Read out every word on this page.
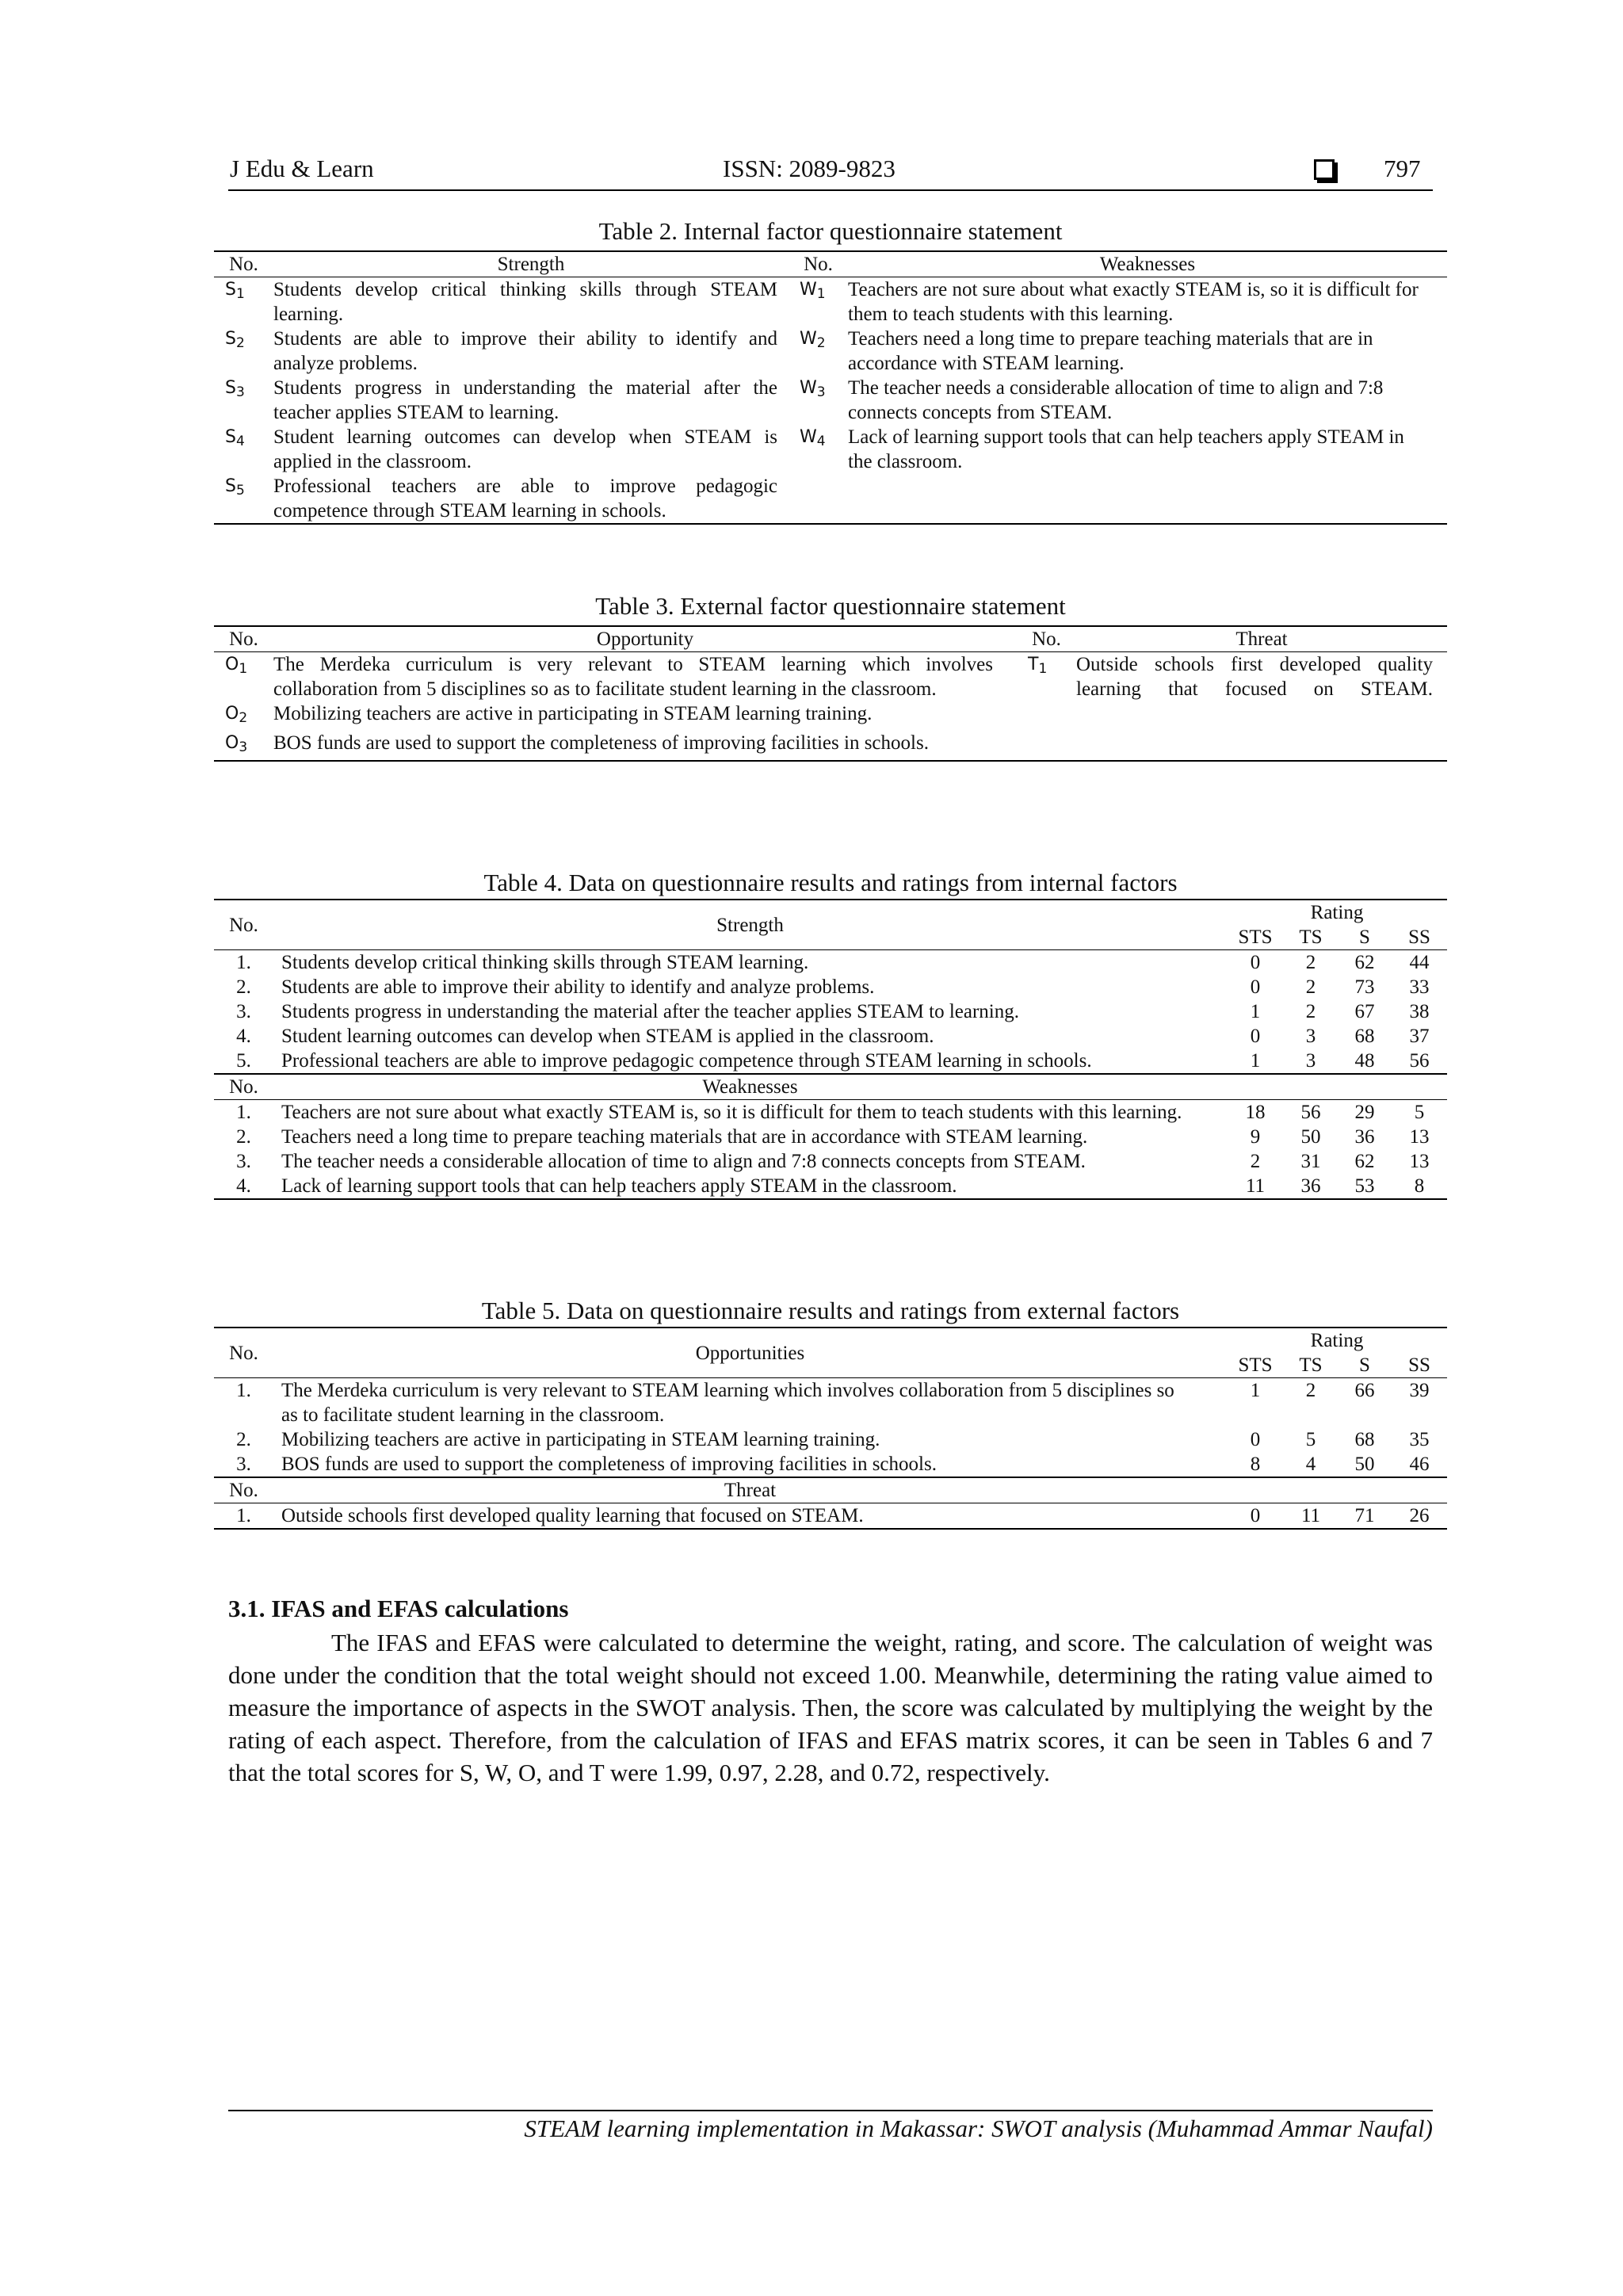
J Edu & Learn	ISSN: 2089-9823	797
Table 2. Internal factor questionnaire statement
No.	Strength	No.	Weaknesses
$S_1$	Students develop critical thinking skills through STEAM learning.	$W_1$	Teachers are not sure about what exactly STEAM is, so it is difficult for them to teach students with this learning.
$S_2$	Students are able to improve their ability to identify and analyze problems.	$W_2$	Teachers need a long time to prepare teaching materials that are in accordance with STEAM learning.
$S_3$	Students progress in understanding the material after the teacher applies STEAM to learning.	$W_3$	The teacher needs a considerable allocation of time to align and 7:8 connects concepts from STEAM.
$S_4$	Student learning outcomes can develop when STEAM is applied in the classroom.	$W_4$	Lack of learning support tools that can help teachers apply STEAM in the classroom.
$S_5$	Professional teachers are able to improve pedagogic competence through STEAM learning in schools.		
Table 3. External factor questionnaire statement
No.	Opportunity	No.	Threat
$O_1$	The Merdeka curriculum is very relevant to STEAM learning which involves collaboration from 5 disciplines so as to facilitate student learning in the classroom.	$T_1$	Outside schools first developed quality learning that focused on STEAM.
$O_2$	Mobilizing teachers are active in participating in STEAM learning training.		
$O_3$	BOS funds are used to support the completeness of improving facilities in schools.		
Table 4. Data on questionnaire results and ratings from internal factors
No.	Strength	Rating			
		STS	TS	S	SS
1.	Students develop critical thinking skills through STEAM learning.	0	2	62	44
2.	Students are able to improve their ability to identify and analyze problems.	0	2	73	33
3.	Students progress in understanding the material after the teacher applies STEAM to learning.	1	2	67	38
4.	Student learning outcomes can develop when STEAM is applied in the classroom.	0	3	68	37
5.	Professional teachers are able to improve pedagogic competence through STEAM learning in schools.	1	3	48	56
No.	Weaknesses				
1.	Teachers are not sure about what exactly STEAM is, so it is difficult for them to teach students with this learning.	18	56	29	5
2.	Teachers need a long time to prepare teaching materials that are in accordance with STEAM learning.	9	50	36	13
3.	The teacher needs a considerable allocation of time to align and 7:8 connects concepts from STEAM.	2	31	62	13
4.	Lack of learning support tools that can help teachers apply STEAM in the classroom.	11	36	53	8
Table 5. Data on questionnaire results and ratings from external factors
No.	Opportunities	Rating			
		STS	TS	S	SS
1.	The Merdeka curriculum is very relevant to STEAM learning which involves collaboration from 5 disciplines so as to facilitate student learning in the classroom.	1	2	66	39
2.	Mobilizing teachers are active in participating in STEAM learning training.	0	5	68	35
3.	BOS funds are used to support the completeness of improving facilities in schools.	8	4	50	46
No.	Threat				
1.	Outside schools first developed quality learning that focused on STEAM.	0	11	71	26
3.1. IFAS and EFAS calculations
The IFAS and EFAS were calculated to determine the weight, rating, and score. The calculation of weight was done under the condition that the total weight should not exceed 1.00. Meanwhile, determining the rating value aimed to measure the importance of aspects in the SWOT analysis. Then, the score was calculated by multiplying the weight by the rating of each aspect. Therefore, from the calculation of IFAS and EFAS matrix scores, it can be seen in Tables 6 and 7 that the total scores for S, W, O, and T were 1.99, 0.97, 2.28, and 0.72, respectively.
STEAM learning implementation in Makassar: SWOT analysis (Muhammad Ammar Naufal)
